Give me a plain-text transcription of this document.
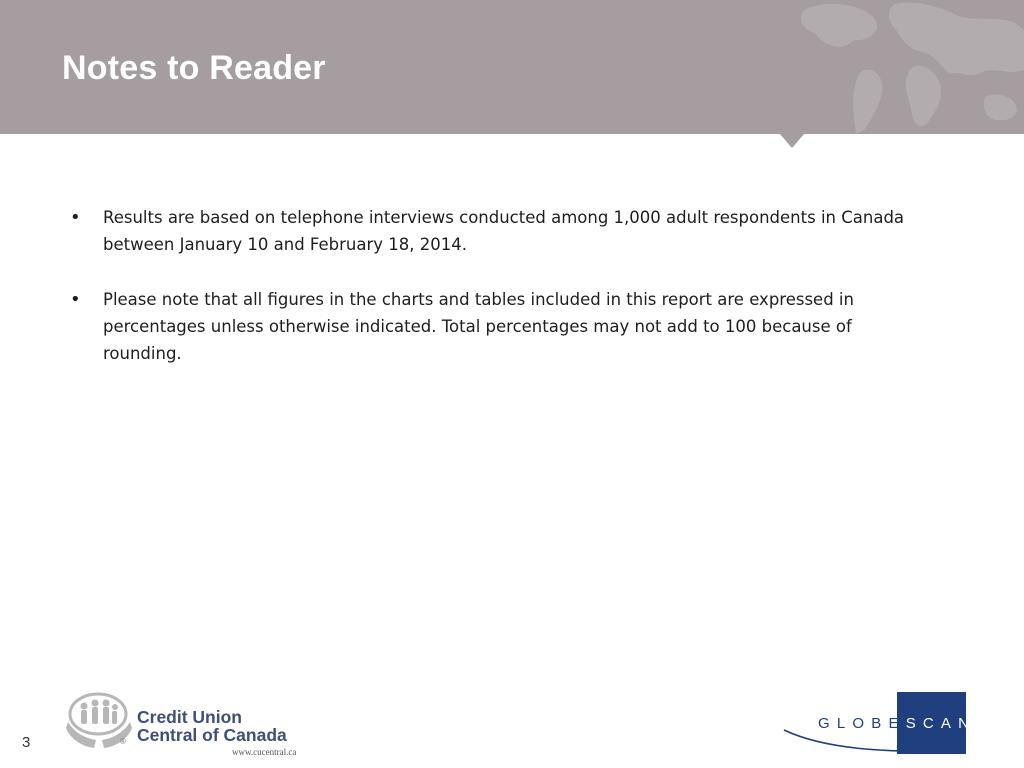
Notes to Reader
• Results are based on telephone interviews conducted among 1,000 adult respondents in Canada between January 10 and February 18, 2014.
• Please note that all figures in the charts and tables included in this report are expressed in percentages unless otherwise indicated. Total percentages may not add to 100 because of rounding.
3	®
Credit Union
Central of Canada
www.cucentral.ca
GLOBESCAN
